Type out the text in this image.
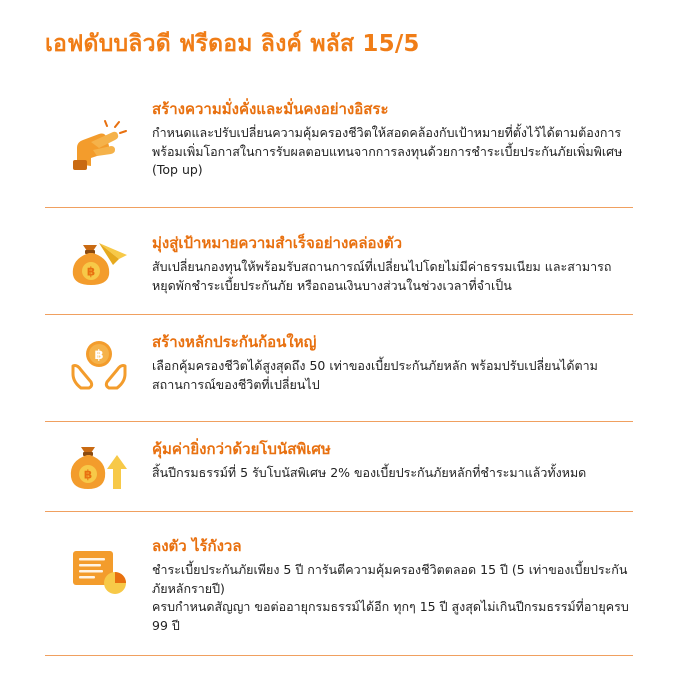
เอฟดับบลิวดี ฟรีดอม ลิงค์ พลัส 15/5
สร้างความมั่งคั่งและมั่นคงอย่างอิสระ

กำหนดและปรับเปลี่ยนความคุ้มครองชีวิตให้สอดคล้องกับเป้าหมายที่ตั้งไว้ได้ตามต้องการ พร้อมเพิ่มโอกาสในการรับผลตอบแทนจากการลงทุนด้วยการชำระเบี้ยประกันภัยเพิ่มพิเศษ (Top up)

฿
มุ่งสู่เป้าหมายความสำเร็จอย่างคล่องตัว

สับเปลี่ยนกองทุนให้พร้อมรับสถานการณ์ที่เปลี่ยนไปโดยไม่มีค่าธรรมเนียม และสามารถหยุดพักชำระเบี้ยประกันภัย หรือถอนเงินบางส่วนในช่วงเวลาที่จำเป็น

฿
สร้างหลักประกันก้อนใหญ่

เลือกคุ้มครองชีวิตได้สูงสุดถึง 50 เท่าของเบี้ยประกันภัยหลัก พร้อมปรับเปลี่ยนได้ตามสถานการณ์ของชีวิตที่เปลี่ยนไป

฿
คุ้มค่ายิ่งกว่าด้วยโบนัสพิเศษ

สิ้นปีกรมธรรม์ที่ 5 รับโบนัสพิเศษ 2% ของเบี้ยประกันภัยหลักที่ชำระมาแล้วทั้งหมด

ลงตัว ไร้กังวล

ชำระเบี้ยประกันภัยเพียง 5 ปี การันตีความคุ้มครองชีวิตตลอด 15 ปี (5 เท่าของเบี้ยประกันภัยหลักรายปี)

ครบกำหนดสัญญา ขอต่ออายุกรมธรรม์ได้อีก ทุกๆ 15 ปี สูงสุดไม่เกินปีกรมธรรม์ที่อายุครบ 99 ปี
